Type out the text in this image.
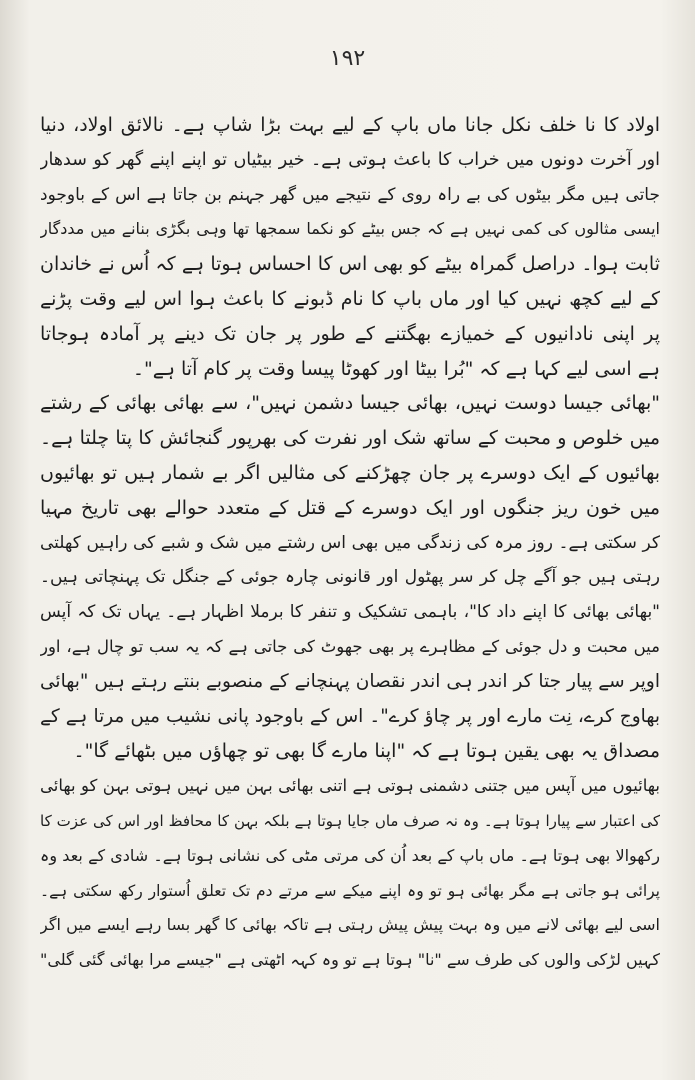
۱۹۲
اولاد کا نا خلف نکل جانا ماں باپ کے لیے بہت بڑا شاپ ہے۔ نالائق اولاد، دنیا
اور آخرت دونوں میں خراب کا باعث ہوتی ہے۔ خیر بیٹیاں تو اپنے اپنے گھر کو سدھار
جاتی ہیں مگر بیٹوں کی بے راہ روی کے نتیجے میں گھر جہنم بن جاتا ہے اس کے باوجود
ایسی مثالوں کی کمی نہیں ہے کہ جس بیٹے کو نکما سمجھا تھا وہی بگڑی بنانے میں مددگار
ثابت ہوا۔ دراصل گمراہ بیٹے کو بھی اس کا احساس ہوتا ہے کہ اُس نے خاندان
کے لیے کچھ نہیں کیا اور ماں باپ کا نام ڈبونے کا باعث ہوا اس لیے وقت پڑنے
پر اپنی نادانیوں کے خمیازے بھگتنے کے طور پر جان تک دینے پر آمادہ ہوجاتا
ہے اسی لیے کہا ہے کہ "بُرا بیٹا اور کھوٹا پیسا وقت پر کام آتا ہے"۔
"بھائی جیسا دوست نہیں، بھائی جیسا دشمن نہیں"، سے بھائی بھائی کے رشتے
میں خلوص و محبت کے ساتھ شک اور نفرت کی بھرپور گنجائش کا پتا چلتا ہے۔
بھائیوں کے ایک دوسرے پر جان چھڑکنے کی مثالیں اگر بے شمار ہیں تو بھائیوں
میں خون ریز جنگوں اور ایک دوسرے کے قتل کے متعدد حوالے بھی تاریخ مہیا
کر سکتی ہے۔ روز مرہ کی زندگی میں بھی اس رشتے میں شک و شبے کی راہیں کھلتی
رہتی ہیں جو آگے چل کر سر پھٹول اور قانونی چارہ جوئی کے جنگل تک پہنچاتی ہیں۔
"بھائی بھائی کا اپنے داد کا"، باہمی تشکیک و تنفر کا برملا اظہار ہے۔ یہاں تک کہ آپس
میں محبت و دل جوئی کے مظاہرے پر بھی جھوٹ کی جاتی ہے کہ یہ سب تو چال ہے، اور
اوپر سے پیار جتا کر اندر ہی اندر نقصان پہنچانے کے منصوبے بنتے رہتے ہیں "بھائی
بھاوج کرے، نِت مارے اور پر چاؤ کرے"۔ اس کے باوجود پانی نشیب میں مرتا ہے کے
مصداق یہ بھی یقین ہوتا ہے کہ "اپنا مارے گا بھی تو چھاؤں میں بٹھائے گا"۔
بھائیوں میں آپس میں جتنی دشمنی ہوتی ہے اتنی بھائی بہن میں نہیں ہوتی بہن کو بھائی
کی اعتبار سے پیارا ہوتا ہے۔ وہ نہ صرف ماں جایا ہوتا ہے بلکہ بہن کا محافظ اور اس کی عزت کا
رکھوالا بھی ہوتا ہے۔ ماں باپ کے بعد اُن کی مرتی مٹی کی نشانی ہوتا ہے۔ شادی کے بعد وہ
پرائی ہو جاتی ہے مگر بھائی ہو تو وہ اپنے میکے سے مرتے دم تک تعلق اُستوار رکھ سکتی ہے۔
اسی لیے بھائی لانے میں وہ بہت پیش پیش رہتی ہے تاکہ بھائی کا گھر بسا رہے ایسے میں اگر
کہیں لڑکی والوں کی طرف سے "نا" ہوتا ہے تو وہ کہہ اٹھتی ہے "جیسے مرا بھائی گئی گلی"
